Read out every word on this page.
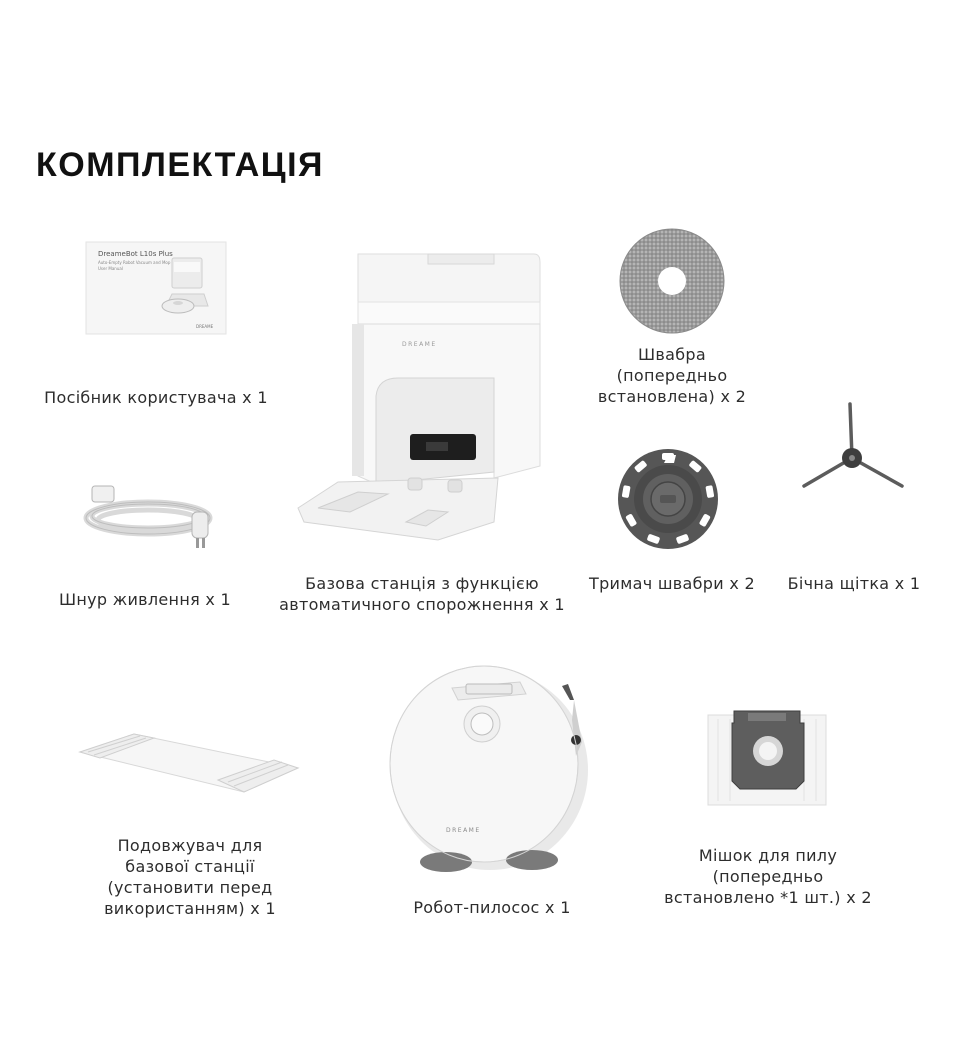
КОМПЛЕКТАЦІЯ
DreameBot L10s Plus
Auto-Empty Robot Vacuum and Mop
User Manual
DREAME
Посібник користувача x 1
Шнур живлення x 1
DREAME
Базова станція з функцією
автоматичного спорожнення x 1
Швабра
(попередньо
встановлена) x 2
Тримач швабри x 2	Бічна щітка x 1
Подовжувач для
базової станції
(установити перед
використанням) x 1
DREAME
Робот-пилосос x 1
Мішок для пилу
(попередньо
встановлено *1 шт.) x 2
